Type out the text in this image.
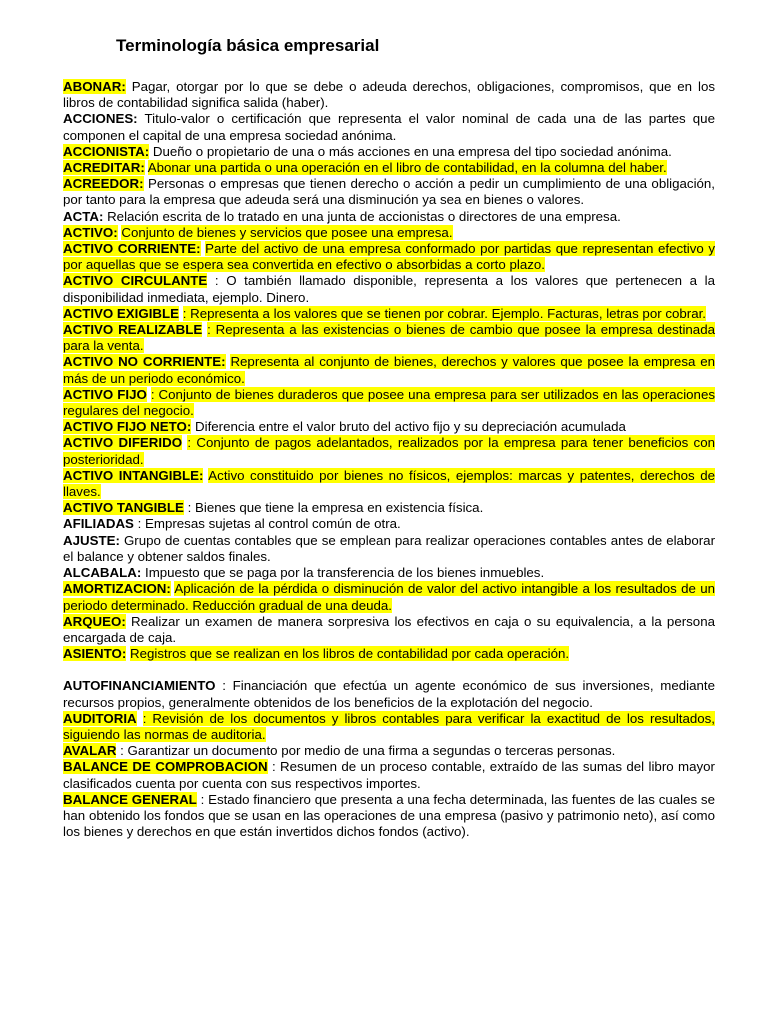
Terminología básica empresarial

ABONAR: Pagar, otorgar por lo que se debe o adeuda derechos, obligaciones, compromisos, que en los libros de contabilidad significa salida (haber).

ACCIONES: Titulo-valor o certificación que representa el valor nominal de cada una de las partes que componen el capital de una empresa sociedad anónima.

ACCIONISTA: Dueño o propietario de una o más acciones en una empresa del tipo sociedad anónima.

ACREDITAR: Abonar una partida o una operación en el libro de contabilidad, en la columna del haber.

ACREEDOR: Personas o empresas que tienen derecho o acción a pedir un cumplimiento de una obligación, por tanto para la empresa que adeuda será una disminución ya sea en bienes o valores.

ACTA: Relación escrita de lo tratado en una junta de accionistas o directores de una empresa.

ACTIVO: Conjunto de bienes y servicios que posee una empresa.

ACTIVO CORRIENTE: Parte del activo de una empresa conformado por partidas que representan efectivo y por aquellas que se espera sea convertida en efectivo o absorbidas a corto plazo.

ACTIVO CIRCULANTE : O también llamado disponible, representa a los valores que pertenecen a la disponibilidad inmediata, ejemplo. Dinero.

ACTIVO EXIGIBLE : Representa a los valores que se tienen por cobrar. Ejemplo. Facturas, letras por cobrar.

ACTIVO REALIZABLE : Representa a las existencias o bienes de cambio que posee la empresa destinada para la venta.

ACTIVO NO CORRIENTE: Representa al conjunto de bienes, derechos y valores que posee la empresa en más de un periodo económico.

ACTIVO FIJO : Conjunto de bienes duraderos que posee una empresa para ser utilizados en las operaciones regulares del negocio.

ACTIVO FIJO NETO: Diferencia entre el valor bruto del activo fijo y su depreciación acumulada

ACTIVO DIFERIDO : Conjunto de pagos adelantados, realizados por la empresa para tener beneficios con posterioridad.

ACTIVO INTANGIBLE: Activo constituido por bienes no físicos, ejemplos: marcas y patentes, derechos de llaves.

ACTIVO TANGIBLE : Bienes que tiene la empresa en existencia física.

AFILIADAS : Empresas sujetas al control común de otra.

AJUSTE: Grupo de cuentas contables que se emplean para realizar operaciones contables antes de elaborar el balance y obtener saldos finales.

ALCABALA: Impuesto que se paga por la transferencia de los bienes inmuebles.

AMORTIZACION: Aplicación de la pérdida o disminución de valor del activo intangible a los resultados de un periodo determinado. Reducción gradual de una deuda.

ARQUEO: Realizar un examen de manera sorpresiva los efectivos en caja o su equivalencia, a la persona encargada de caja.

ASIENTO: Registros que se realizan en los libros de contabilidad por cada operación.

AUTOFINANCIAMIENTO : Financiación que efectúa un agente económico de sus inversiones, mediante recursos propios, generalmente obtenidos de los beneficios de la explotación del negocio.

AUDITORIA : Revisión de los documentos y libros contables para verificar la exactitud de los resultados, siguiendo las normas de auditoria.

AVALAR : Garantizar un documento por medio de una firma a segundas o terceras personas.

BALANCE DE COMPROBACION : Resumen de un proceso contable, extraído de las sumas del libro mayor clasificados cuenta por cuenta con sus respectivos importes.

BALANCE GENERAL : Estado financiero que presenta a una fecha determinada, las fuentes de las cuales se han obtenido los fondos que se usan en las operaciones de una empresa (pasivo y patrimonio neto), así como los bienes y derechos en que están invertidos dichos fondos (activo).
